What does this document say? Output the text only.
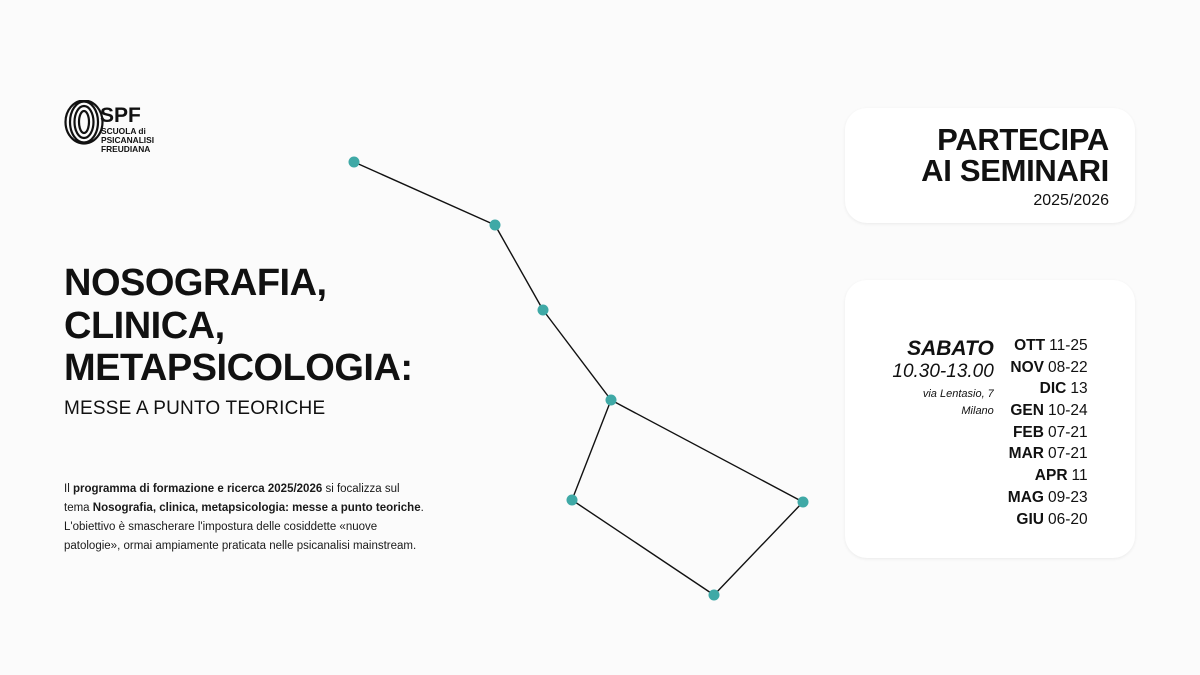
SPF
SCUOLA di
PSICANALISI
FREUDIANA
NOSOGRAFIA,
CLINICA,
METAPSICOLOGIA:
MESSE A PUNTO TEORICHE
Il programma di formazione e ricerca 2025/2026 si focalizza sul tema Nosografia, clinica, metapsicologia: messe a punto teoriche. L'obiettivo è smascherare l'impostura delle cosiddette «nuove patologie», ormai ampiamente praticata nelle psicanalisi mainstream.
PARTECIPA
AI SEMINARI
2025/2026
SABATO
10.30-13.00
via Lentasio, 7
Milano
OTT 11-25
NOV 08-22
DIC 13
GEN 10-24
FEB 07-21
MAR 07-21
APR 11
MAG 09-23
GIU 06-20
